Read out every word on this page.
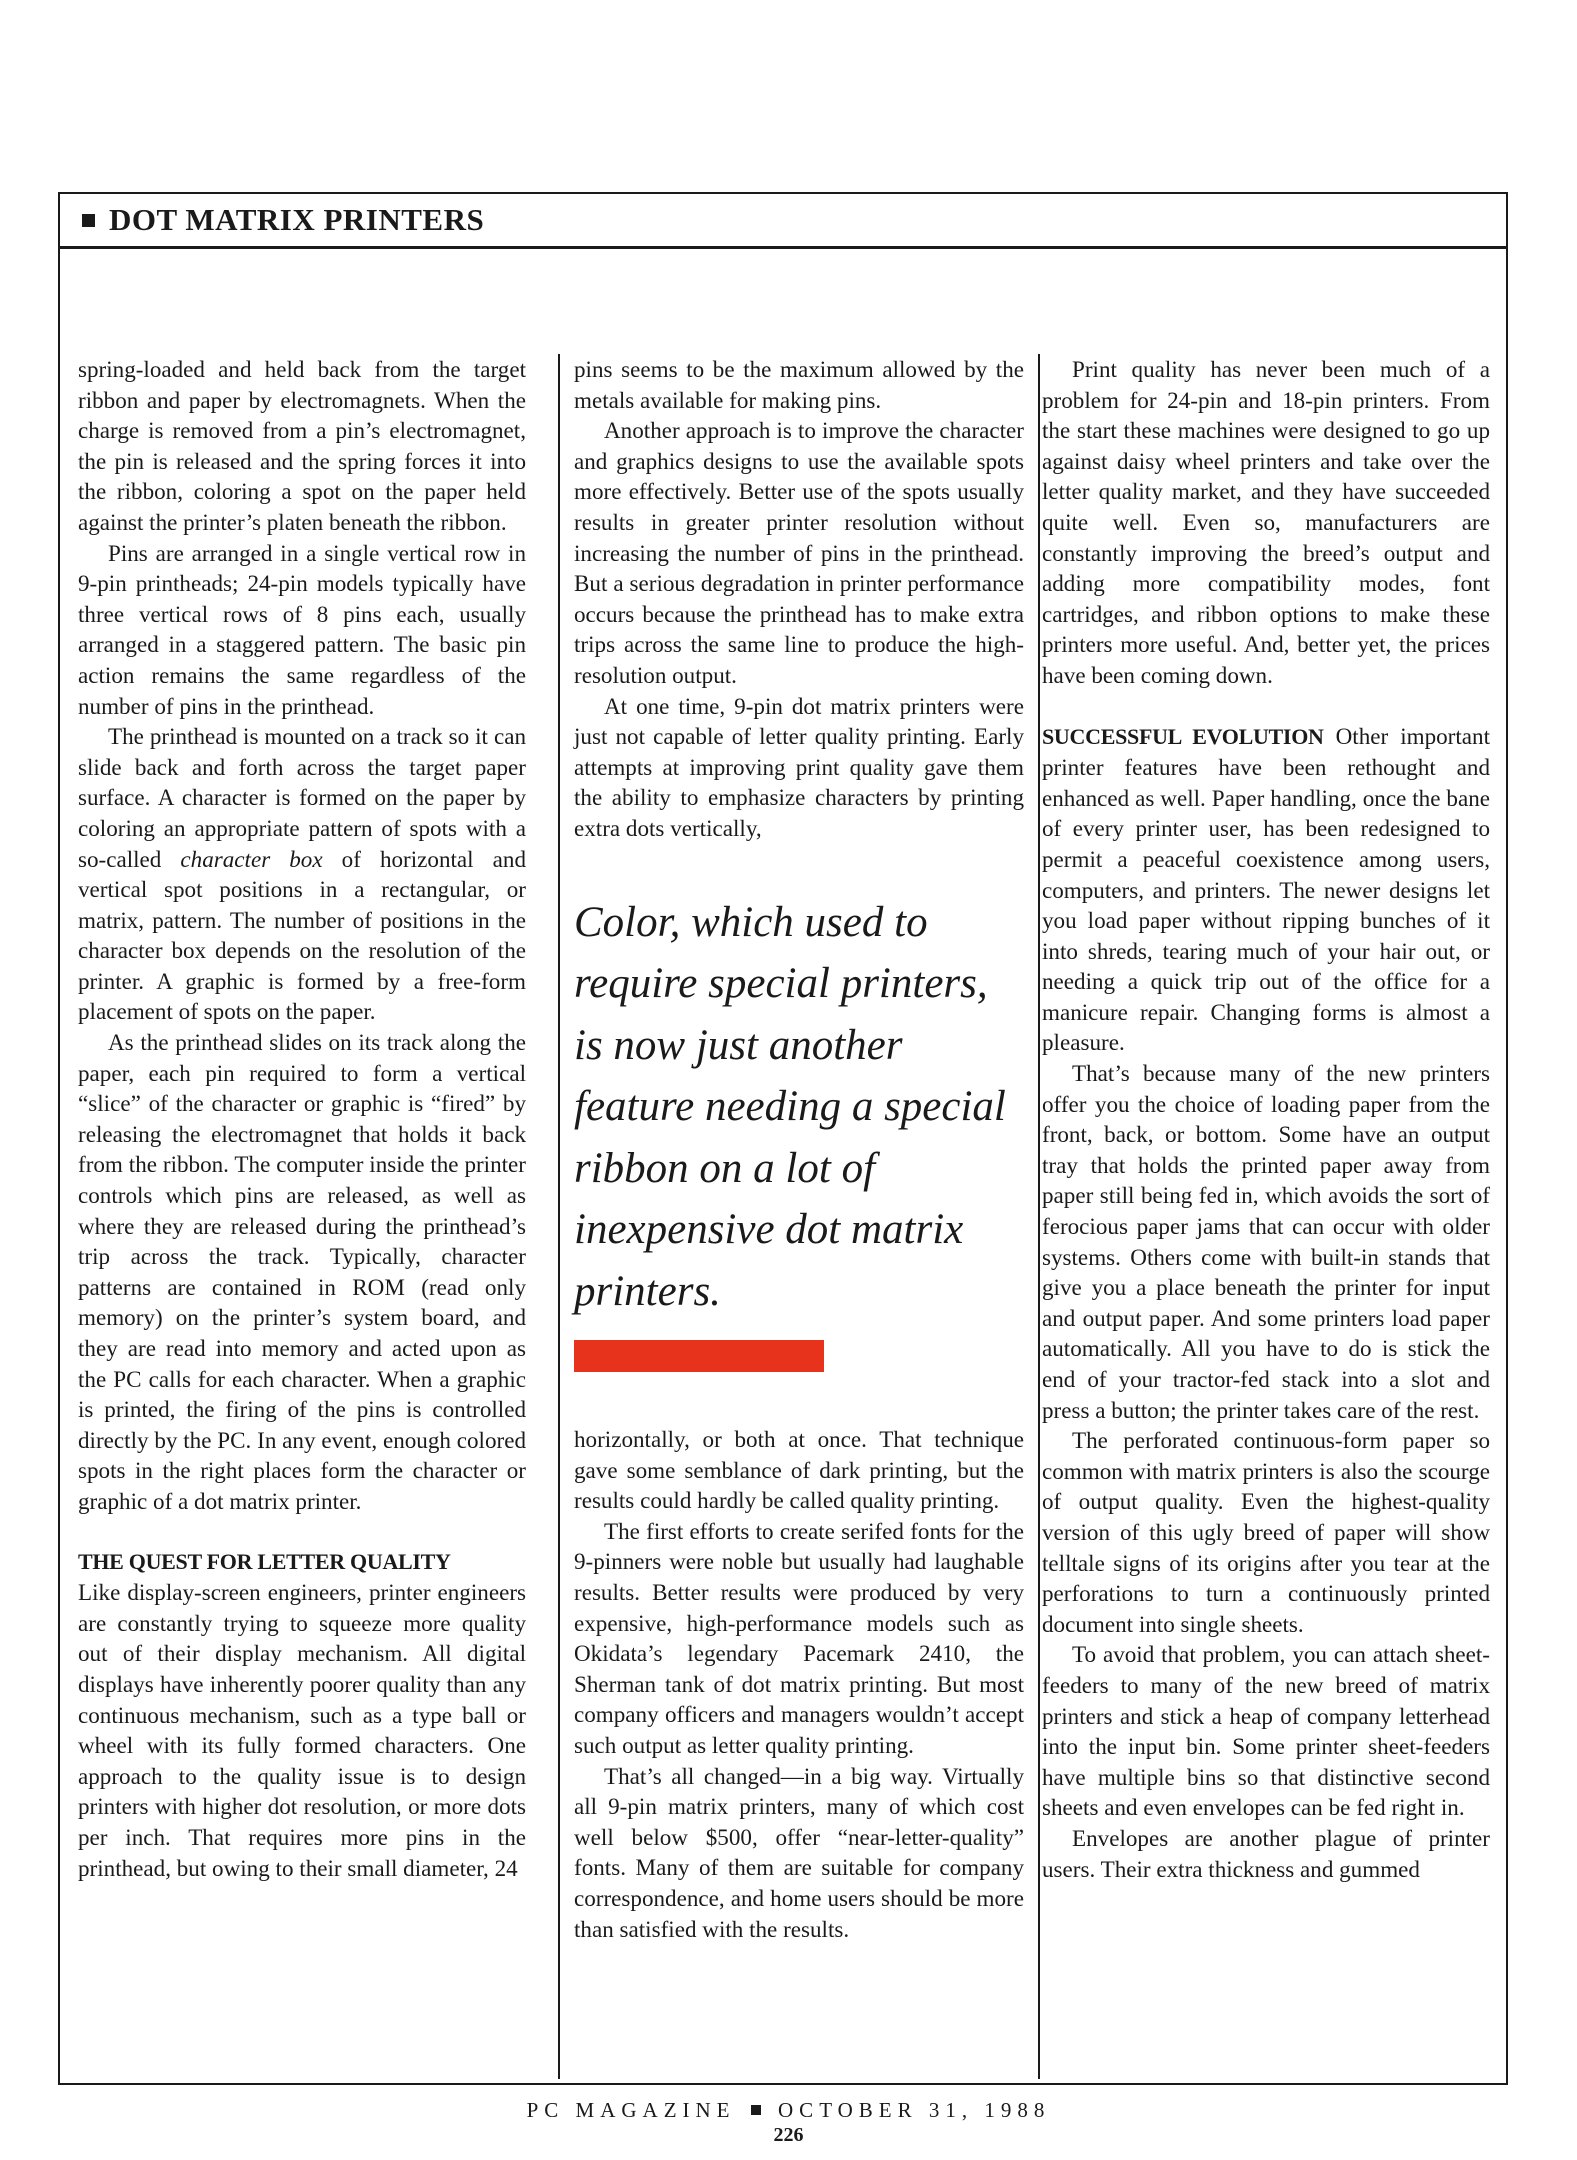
DOT MATRIX PRINTERS

spring-loaded and held back from the target ribbon and paper by electromagnets. When the charge is removed from a pin’s electromagnet, the pin is released and the spring forces it into the ribbon, coloring a spot on the paper held against the printer’s platen beneath the ribbon.

Pins are arranged in a single vertical row in 9-pin printheads; 24-pin models typically have three vertical rows of 8 pins each, usually arranged in a staggered pattern. The basic pin action remains the same regardless of the number of pins in the printhead.

The printhead is mounted on a track so it can slide back and forth across the target paper surface. A character is formed on the paper by coloring an appropriate pattern of spots with a so-called character box of horizontal and vertical spot positions in a rectangular, or matrix, pattern. The number of positions in the character box depends on the resolution of the printer. A graphic is formed by a free-form placement of spots on the paper.

As the printhead slides on its track along the paper, each pin required to form a vertical “slice” of the character or graphic is “fired” by releasing the electromagnet that holds it back from the ribbon. The computer inside the printer controls which pins are released, as well as where they are released during the printhead’s trip across the track. Typically, character patterns are contained in ROM (read only memory) on the printer’s system board, and they are read into memory and acted upon as the PC calls for each character. When a graphic is printed, the firing of the pins is controlled directly by the PC. In any event, enough colored spots in the right places form the character or graphic of a dot matrix printer.

THE QUEST FOR LETTER QUALITY

Like display-screen engineers, printer engineers are constantly trying to squeeze more quality out of their display mechanism. All digital displays have inherently poorer quality than any continuous mechanism, such as a type ball or wheel with its fully formed characters. One approach to the quality issue is to design printers with higher dot resolution, or more dots per inch. That requires more pins in the printhead, but owing to their small diameter, 24

pins seems to be the maximum allowed by the metals available for making pins.

Another approach is to improve the character and graphics designs to use the available spots more effectively. Better use of the spots usually results in greater printer resolution without increasing the number of pins in the printhead. But a serious degradation in printer performance occurs because the printhead has to make extra trips across the same line to produce the high-resolution output.

At one time, 9-pin dot matrix printers were just not capable of letter quality printing. Early attempts at improving print quality gave them the ability to emphasize characters by printing extra dots vertically,

Color, which used to require special printers, is now just another feature needing a special ribbon on a lot of inexpensive dot matrix printers.

horizontally, or both at once. That technique gave some semblance of dark printing, but the results could hardly be called quality printing.

The first efforts to create serifed fonts for the 9-pinners were noble but usually had laughable results. Better results were produced by very expensive, high-performance models such as Okidata’s legendary Pacemark 2410, the Sherman tank of dot matrix printing. But most company officers and managers wouldn’t accept such output as letter quality printing.

That’s all changed—in a big way. Virtually all 9-pin matrix printers, many of which cost well below $500, offer “near-letter-quality” fonts. Many of them are suitable for company correspondence, and home users should be more than satisfied with the results.

Print quality has never been much of a problem for 24-pin and 18-pin printers. From the start these machines were designed to go up against daisy wheel printers and take over the letter quality market, and they have succeeded quite well. Even so, manufacturers are constantly improving the breed’s output and adding more compatibility modes, font cartridges, and ribbon options to make these printers more useful. And, better yet, the prices have been coming down.

SUCCESSFUL EVOLUTION Other important printer features have been rethought and enhanced as well. Paper handling, once the bane of every printer user, has been redesigned to permit a peaceful coexistence among users, computers, and printers. The newer designs let you load paper without ripping bunches of it into shreds, tearing much of your hair out, or needing a quick trip out of the office for a manicure repair. Changing forms is almost a pleasure.

That’s because many of the new printers offer you the choice of loading paper from the front, back, or bottom. Some have an output tray that holds the printed paper away from paper still being fed in, which avoids the sort of ferocious paper jams that can occur with older systems. Others come with built-in stands that give you a place beneath the printer for input and output paper. And some printers load paper automatically. All you have to do is stick the end of your tractor-fed stack into a slot and press a button; the printer takes care of the rest.

The perforated continuous-form paper so common with matrix printers is also the scourge of output quality. Even the highest-quality version of this ugly breed of paper will show telltale signs of its origins after you tear at the perforations to turn a continuously printed document into single sheets.

To avoid that problem, you can attach sheet-feeders to many of the new breed of matrix printers and stick a heap of company letterhead into the input bin. Some printer sheet-feeders have multiple bins so that distinctive second sheets and even envelopes can be fed right in.

Envelopes are another plague of printer users. Their extra thickness and gummed

PC MAGAZINE OCTOBER 31, 1988
226
